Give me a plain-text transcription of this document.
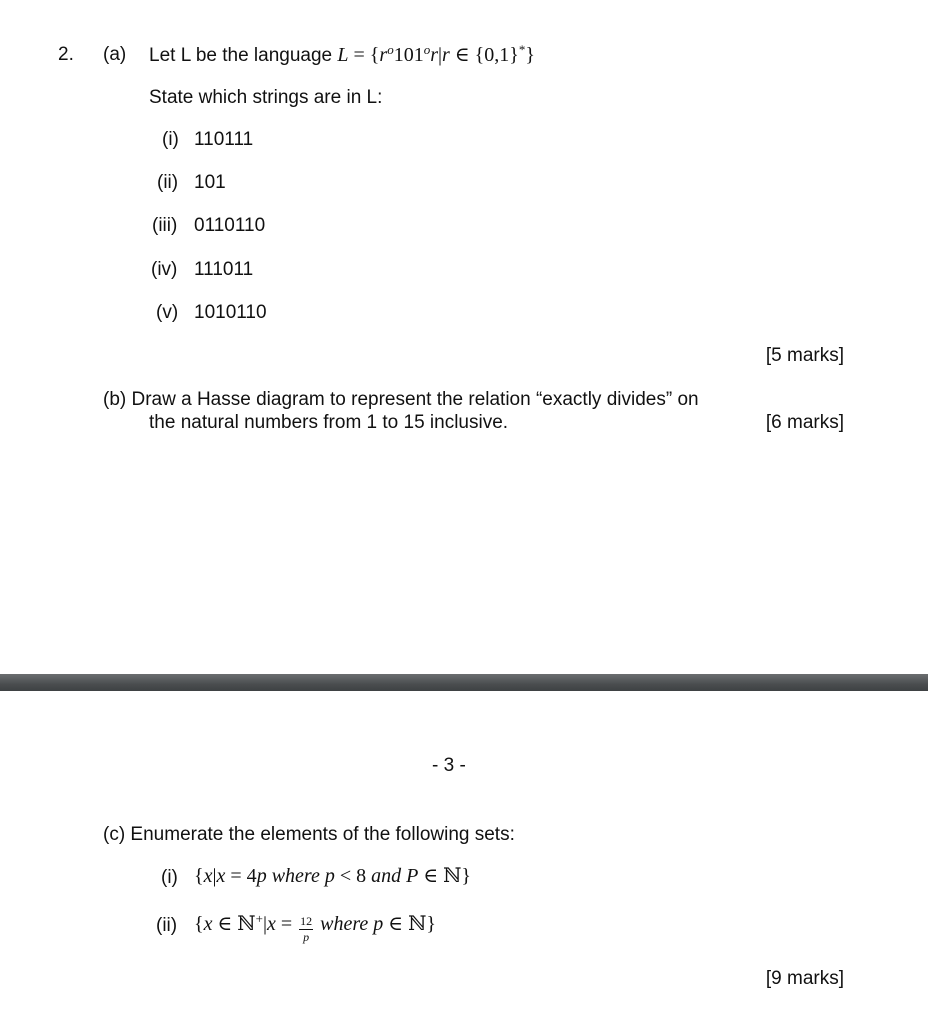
2. (a) Let L be the language $L = \{r^o101^or|r$ ∈ {0,1}*}
State which strings are in L:
(i) 110111
(ii) 101
(iii) 0110110
(iv) 111011
(v) 1010110
[5 marks]
(b) Draw a Hasse diagram to represent the relation “exactly divides” on
the natural numbers from 1 to 15 inclusive.	[6 marks]
- 3 -
(c) Enumerate the elements of the following sets:
(i) {x|x = 4p where p < 8 and P ∈ ℕ}
(ii) {x ∈ ℕ+|x = $\frac{12}{p}$ where p ∈ ℕ}
[9 marks]
